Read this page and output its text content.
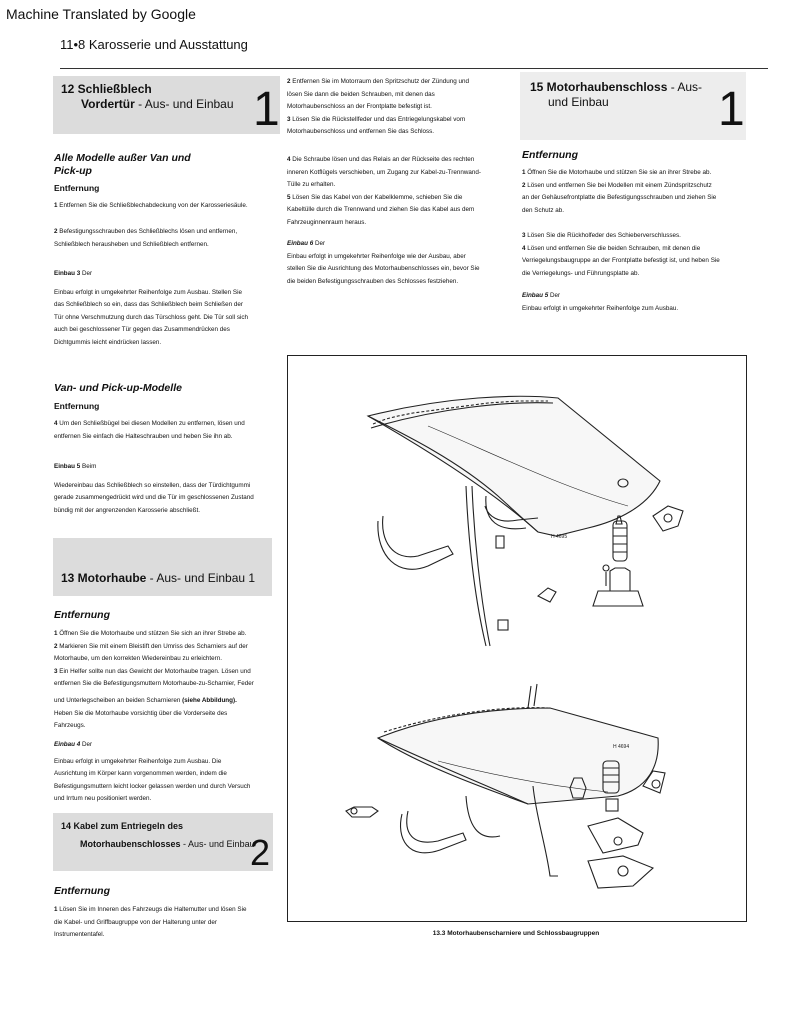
Machine Translated by Google
11•8 Karosserie und Ausstattung
12 Schließblech
Vordertür - Aus- und Einbau 1
Alle Modelle außer Van und
Pick-up
Entfernung
1 Entfernen Sie die Schließblechabdeckung von der Karosseriesäule.
2 Befestigungsschrauben des Schließblechs lösen und entfernen,
Schließblech herausheben und Schließblech entfernen.
Einbau 3 Der
Einbau erfolgt in umgekehrter Reihenfolge zum Ausbau. Stellen Sie
das Schließblech so ein, dass das Schließblech beim Schließen der
Tür ohne Verschmutzung durch das Türschloss geht. Die Tür soll sich
auch bei geschlossener Tür gegen das Zusammendrücken des
Dichtgummis leicht eindrücken lassen.
Van- und Pick-up-Modelle
Entfernung
4 Um den Schließbügel bei diesen Modellen zu entfernen, lösen und
entfernen Sie einfach die Halteschrauben und heben Sie ihn ab.
Einbau 5 Beim
Wiedereinbau das Schließblech so einstellen, dass der Türdichtgummi
gerade zusammengedrückt wird und die Tür im geschlossenen Zustand
bündig mit der angrenzenden Karosserie abschließt.
13 Motorhaube - Aus- und Einbau 1
Entfernung
1 Öffnen Sie die Motorhaube und stützen Sie sich an ihrer Strebe ab.
2 Markieren Sie mit einem Bleistift den Umriss des Scharniers auf der
Motorhaube, um den korrekten Wiedereinbau zu erleichtern.
3 Ein Helfer sollte nun das Gewicht der Motorhaube tragen. Lösen und
entfernen Sie die Befestigungsmuttern Motorhaube-zu-Scharnier, Feder
und Unterlegscheiben an beiden Scharnieren (siehe Abbildung).
Heben Sie die Motorhaube vorsichtig über die Vorderseite des
Fahrzeugs.
Einbau 4 Der
Einbau erfolgt in umgekehrter Reihenfolge zum Ausbau. Die
Ausrichtung im Körper kann vorgenommen werden, indem die
Befestigungsmuttern leicht locker gelassen werden und durch Versuch
und Irrtum neu positioniert werden.
14 Kabel zum Entriegeln des
Motorhaubenschlosses - Aus- und Einbau
2
Entfernung
1 Lösen Sie im Inneren des Fahrzeugs die Haltemutter und lösen Sie
die Kabel- und Griffbaugruppe von der Halterung unter der
Instrumententafel.
2 Entfernen Sie im Motorraum den Spritzschutz der Zündung und
lösen Sie dann die beiden Schrauben, mit denen das
Motorhaubenschloss an der Frontplatte befestigt ist.
3 Lösen Sie die Rückstellfeder und das Entriegelungskabel vom
Motorhaubenschloss und entfernen Sie das Schloss.
4 Die Schraube lösen und das Relais an der Rückseite des rechten
inneren Kotflügels verschieben, um Zugang zur Kabel-zu-Trennwand-
Tülle zu erhalten.
5 Lösen Sie das Kabel von der Kabelklemme, schieben Sie die
Kabeltülle durch die Trennwand und ziehen Sie das Kabel aus dem
Fahrzeuginnenraum heraus.
Einbau 6 Der
Einbau erfolgt in umgekehrter Reihenfolge wie der Ausbau, aber
stellen Sie die Ausrichtung des Motorhaubenschlosses ein, bevor Sie
die beiden Befestigungsschrauben des Schlosses festziehen.
15 Motorhaubenschloss - Aus-
und Einbau	1
Entfernung
1 Öffnen Sie die Motorhaube und stützen Sie sie an ihrer Strebe ab.
2 Lösen und entfernen Sie bei Modellen mit einem Zündspritzschutz
an der Gehäusefrontplatte die Befestigungsschrauben und ziehen Sie
den Schutz ab.
3 Lösen Sie die Rückholfeder des Schieberverschlusses.
4 Lösen und entfernen Sie die beiden Schrauben, mit denen die
Verriegelungsbaugruppe an der Frontplatte befestigt ist, und heben Sie
die Verriegelungs- und Führungsplatte ab.
Einbau 5 Der
Einbau erfolgt in umgekehrter Reihenfolge zum Ausbau.
H 4695
H 4694
13.3 Motorhaubenscharniere und Schlossbaugruppen
